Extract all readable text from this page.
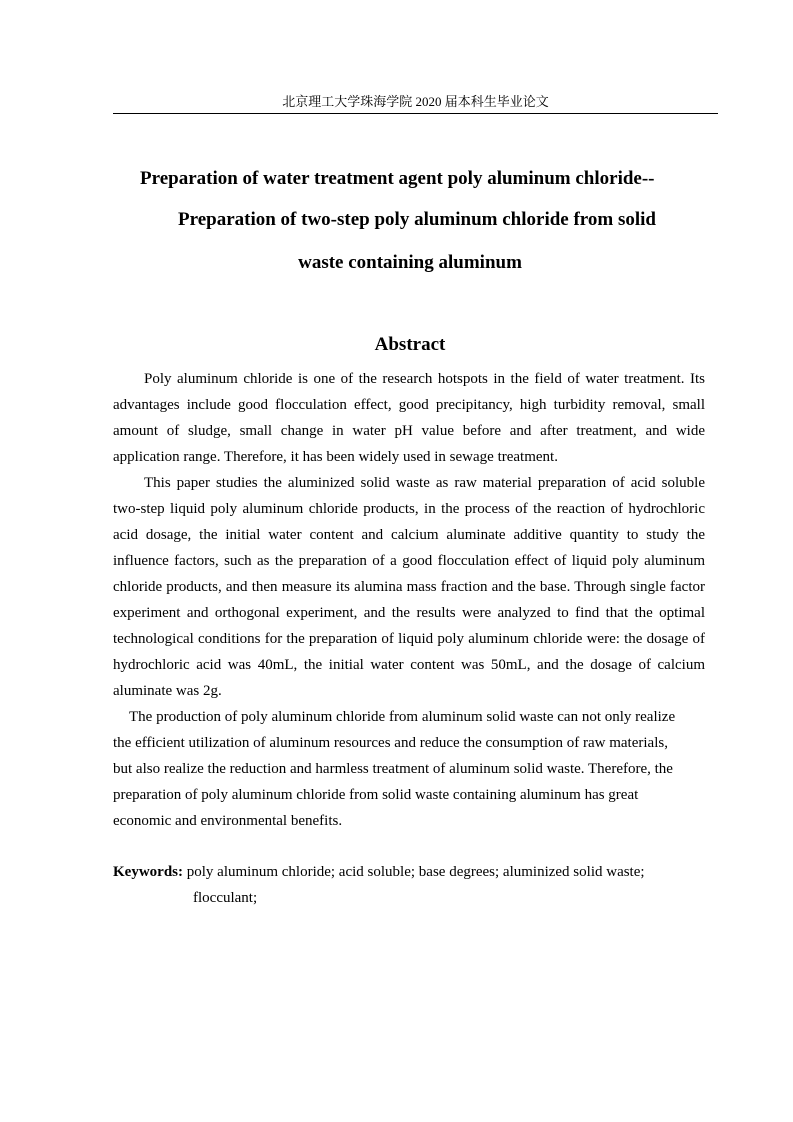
北京理工大学珠海学院 2020 届本科生毕业论文
Preparation of water treatment agent poly aluminum chloride--
Preparation of two-step poly aluminum chloride from solid
waste containing aluminum
Abstract

Poly aluminum chloride is one of the research hotspots in the field of water treatment. Its advantages include good flocculation effect, good precipitancy, high turbidity removal, small amount of sludge, small change in water pH value before and after treatment, and wide application range. Therefore, it has been widely used in sewage treatment.

This paper studies the aluminized solid waste as raw material preparation of acid soluble two-step liquid poly aluminum chloride products, in the process of the reaction of hydrochloric acid dosage, the initial water content and calcium aluminate additive quantity to study the influence factors, such as the preparation of a good flocculation effect of liquid poly aluminum chloride products, and then measure its alumina mass fraction and the base. Through single factor experiment and orthogonal experiment, and the results were analyzed to find that the optimal technological conditions for the preparation of liquid poly aluminum chloride were: the dosage of hydrochloric acid was 40mL, the initial water content was 50mL, and the dosage of calcium aluminate was 2g.

The production of poly aluminum chloride from aluminum solid waste can not only realize the efficient utilization of aluminum resources and reduce the consumption of raw materials, but also realize the reduction and harmless treatment of aluminum solid waste. Therefore, the preparation of poly aluminum chloride from solid waste containing aluminum has great economic and environmental benefits.

Keywords: poly aluminum chloride; acid soluble; base degrees; aluminized solid waste;
flocculant;
